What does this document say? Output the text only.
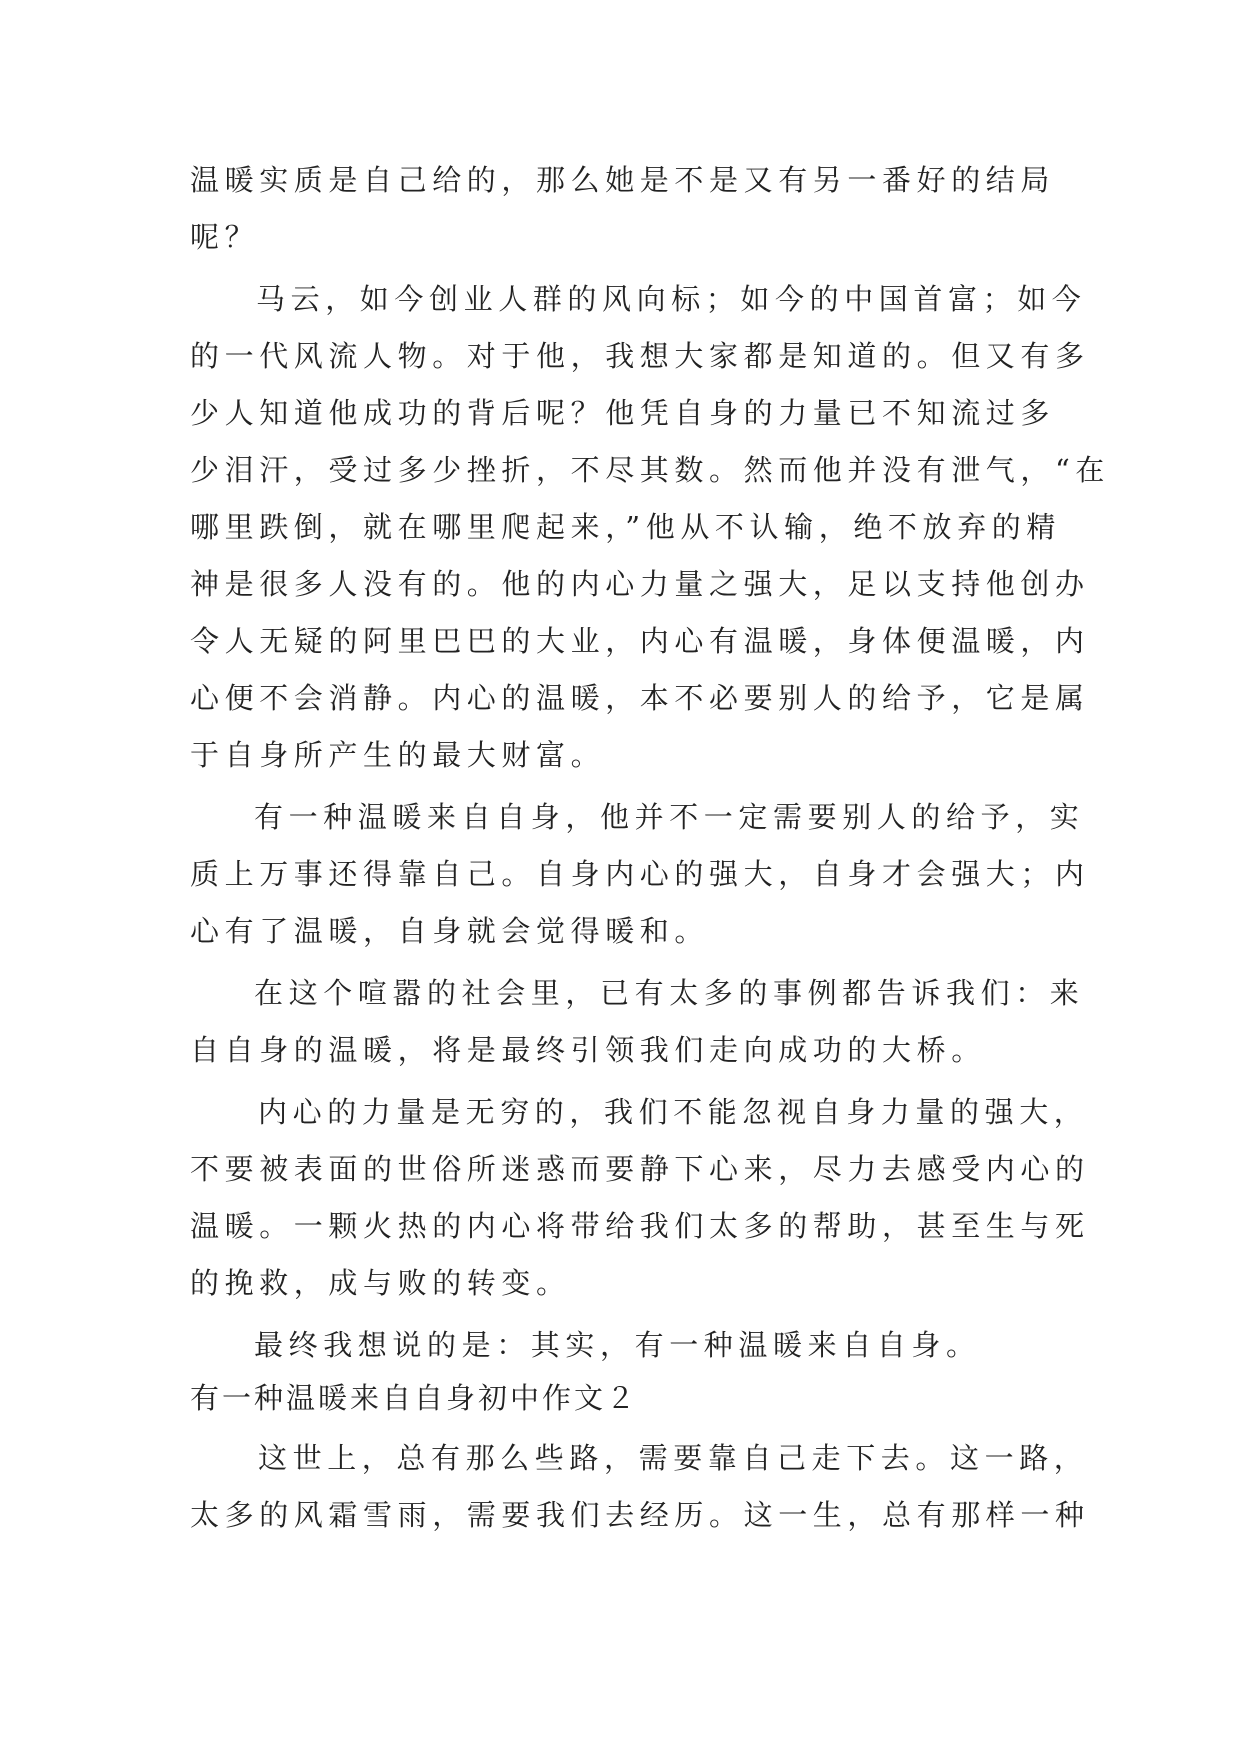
温暖实质是自己给的，那么她是不是又有另一番好的结局
呢？
马云，如今创业人群的风向标；如今的中国首富；如今
的一代风流人物。对于他，我想大家都是知道的。但又有多
少人知道他成功的背后呢？他凭自身的力量已不知流过多
少泪汗，受过多少挫折，不尽其数。然而他并没有泄气，“在
哪里跌倒，就在哪里爬起来，”他从不认输，绝不放弃的精
神是很多人没有的。他的内心力量之强大，足以支持他创办
令人无疑的阿里巴巴的大业，内心有温暖，身体便温暖，内
心便不会消静。内心的温暖，本不必要别人的给予，它是属
于自身所产生的最大财富。
有一种温暖来自自身，他并不一定需要别人的给予，实
质上万事还得靠自己。自身内心的强大，自身才会强大；内
心有了温暖，自身就会觉得暖和。
在这个喧嚣的社会里，已有太多的事例都告诉我们：来
自自身的温暖，将是最终引领我们走向成功的大桥。
内心的力量是无穷的，我们不能忽视自身力量的强大，
不要被表面的世俗所迷惑而要静下心来，尽力去感受内心的
温暖。一颗火热的内心将带给我们太多的帮助，甚至生与死
的挽救，成与败的转变。
最终我想说的是：其实，有一种温暖来自自身。
有一种温暖来自自身初中作文２
这世上，总有那么些路，需要靠自己走下去。这一路，
太多的风霜雪雨，需要我们去经历。这一生，总有那样一种
